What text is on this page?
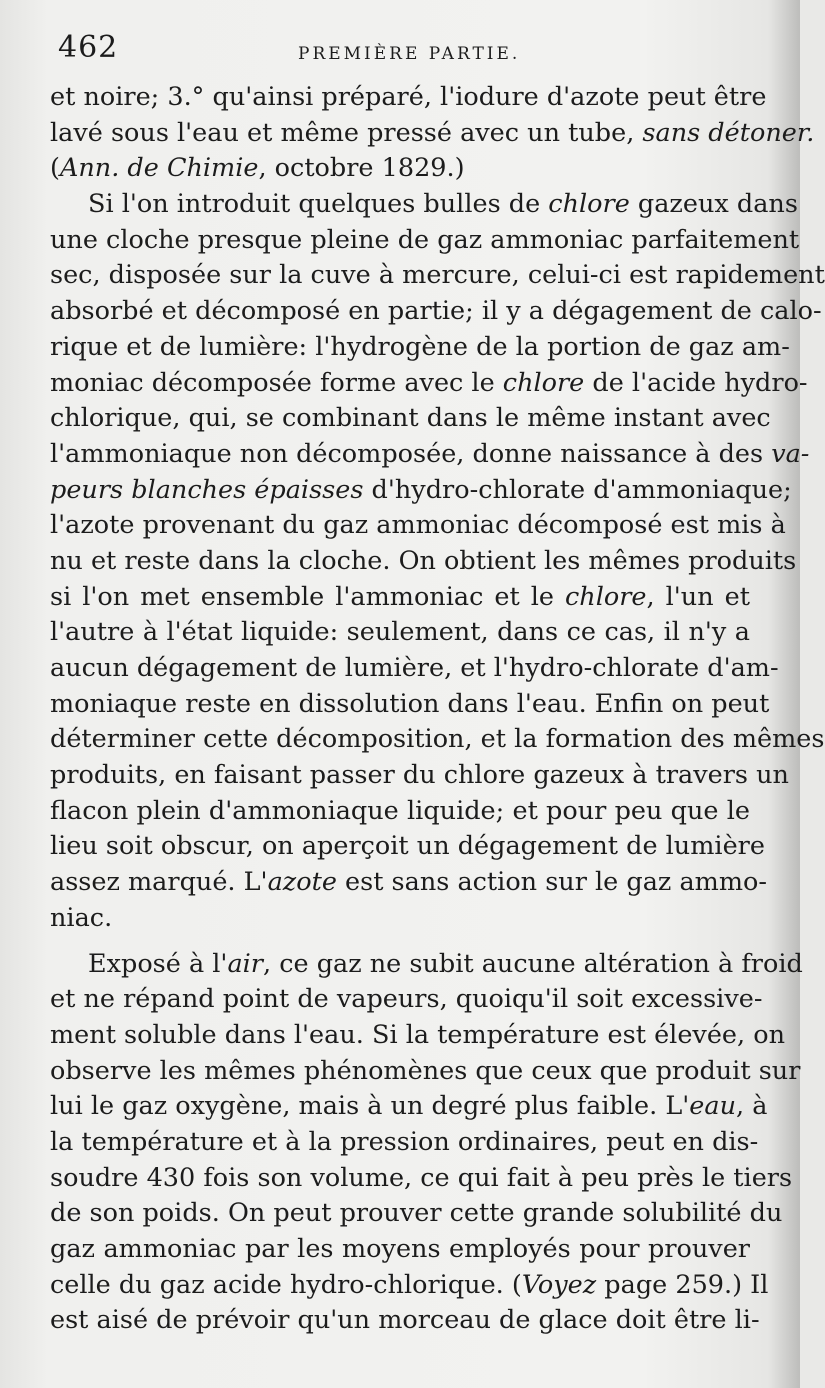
462	PREMIÈRE PARTIE.
et noire; 3.° qu'ainsi préparé, l'iodure d'azote peut être
lavé sous l'eau et même pressé avec un tube, sans détoner.
(Ann. de Chimie, octobre 1829.)
Si l'on introduit quelques bulles de chlore gazeux dans
une cloche presque pleine de gaz ammoniac parfaitement
sec, disposée sur la cuve à mercure, celui-ci est rapidement
absorbé et décomposé en partie; il y a dégagement de calo-
rique et de lumière: l'hydrogène de la portion de gaz am-
moniac décomposée forme avec le chlore de l'acide hydro-
chlorique, qui, se combinant dans le même instant avec
l'ammoniaque non décomposée, donne naissance à des va-
peurs blanches épaisses d'hydro-chlorate d'ammoniaque;
l'azote provenant du gaz ammoniac décomposé est mis à
nu et reste dans la cloche. On obtient les mêmes produits
si l'on met ensemble l'ammoniac et le chlore, l'un et
l'autre à l'état liquide: seulement, dans ce cas, il n'y a
aucun dégagement de lumière, et l'hydro-chlorate d'am-
moniaque reste en dissolution dans l'eau. Enfin on peut
déterminer cette décomposition, et la formation des mêmes
produits, en faisant passer du chlore gazeux à travers un
flacon plein d'ammoniaque liquide; et pour peu que le
lieu soit obscur, on aperçoit un dégagement de lumière
assez marqué. L'azote est sans action sur le gaz ammo-
niac.
Exposé à l'air, ce gaz ne subit aucune altération à froid
et ne répand point de vapeurs, quoiqu'il soit excessive-
ment soluble dans l'eau. Si la température est élevée, on
observe les mêmes phénomènes que ceux que produit sur
lui le gaz oxygène, mais à un degré plus faible. L'eau, à
la température et à la pression ordinaires, peut en dis-
soudre 430 fois son volume, ce qui fait à peu près le tiers
de son poids. On peut prouver cette grande solubilité du
gaz ammoniac par les moyens employés pour prouver
celle du gaz acide hydro-chlorique. (Voyez page 259.) Il
est aisé de prévoir qu'un morceau de glace doit être li-
